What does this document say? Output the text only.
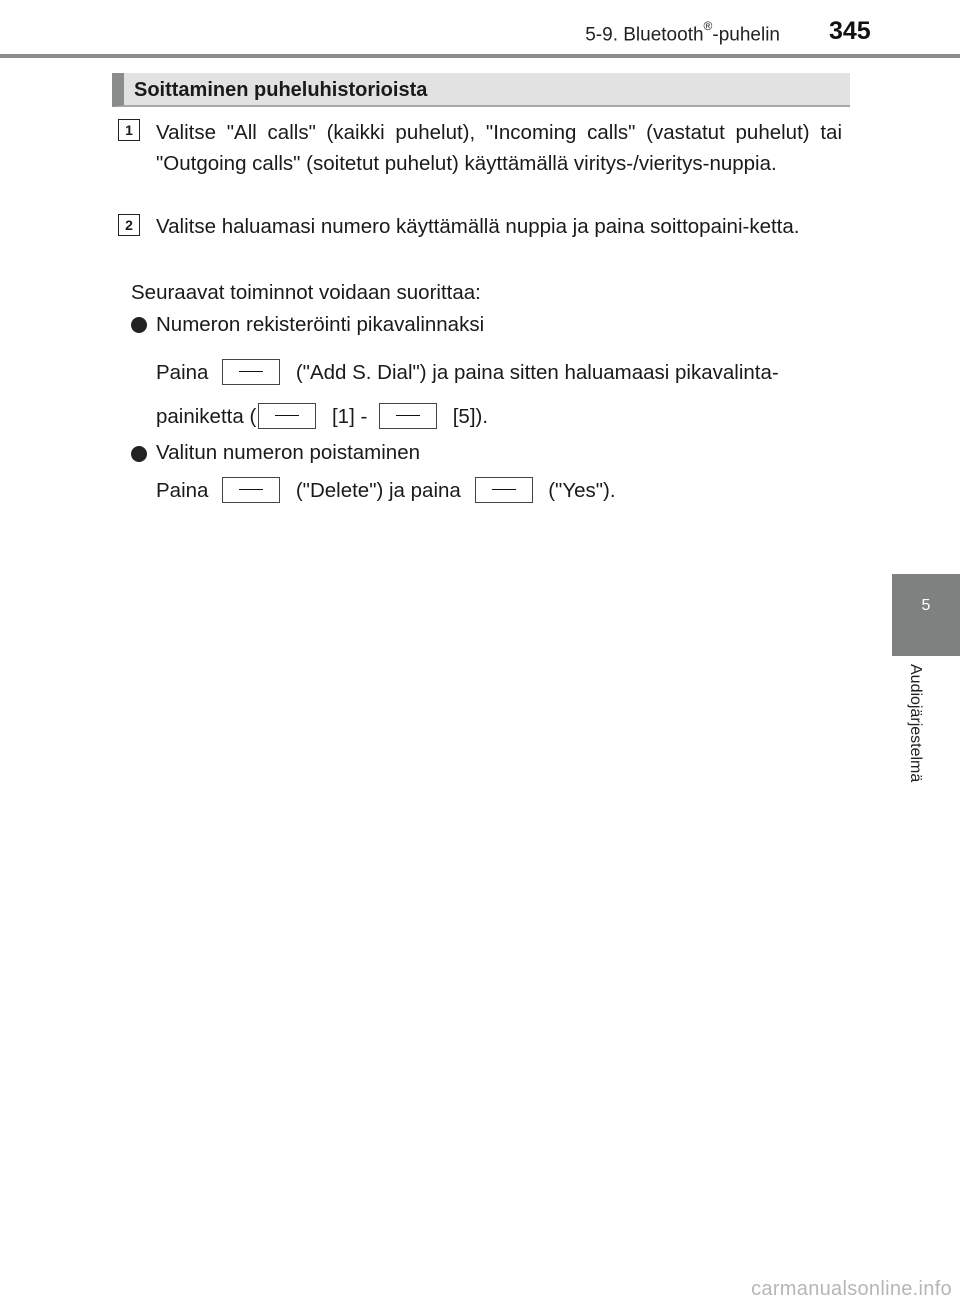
5-9. Bluetooth®-puhelin 345
5
Audiojärjestelmä
Soittaminen puheluhistorioista
1	Valitse "All calls" (kaikki puhelut), "Incoming calls" (vastatut puhelut) tai "Outgoing calls" (soitetut puhelut) käyttämällä viritys-/vieritys-nuppia.
2	Valitse haluamasi numero käyttämällä nuppia ja paina soittopaini-ketta.
Seuraavat toiminnot voidaan suorittaa:
Numeron rekisteröinti pikavalinnaksi
Paina	("Add S. Dial") ja paina sitten haluamaasi pikavalinta-
painiketta (	[1] -	[5]).
Valitun numeron poistaminen
Paina	("Delete") ja paina	("Yes").
carmanualsonline.info
